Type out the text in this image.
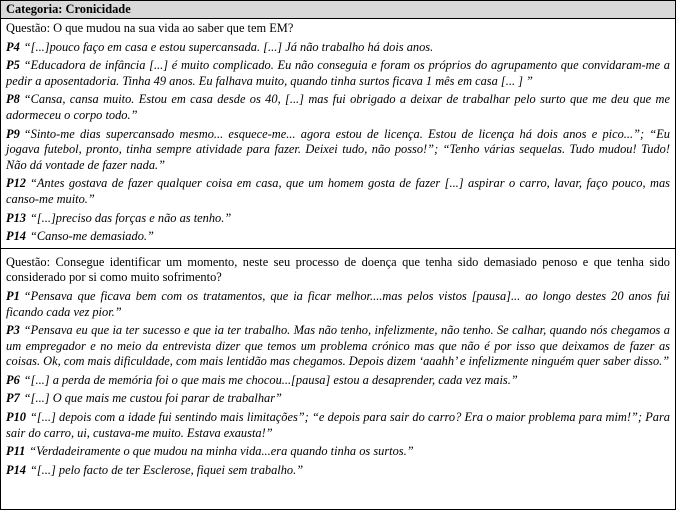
Categoria: Cronicidade
Questão: O que mudou na sua vida ao saber que tem EM?
P4 “[...]pouco faço em casa e estou supercansada. [...] Já não trabalho há dois anos.
P5 “Educadora de infância [...] é muito complicado. Eu não conseguia e foram os próprios do agrupamento que convidaram-me a pedir a aposentadoria. Tinha 49 anos. Eu falhava muito, quando tinha surtos ficava 1 mês em casa [... ] ”
P8 “Cansa, cansa muito. Estou em casa desde os 40, [...] mas fui obrigado a deixar de trabalhar pelo surto que me deu que me adormeceu o corpo todo.”
P9 “Sinto-me dias supercansado mesmo... esquece-me... agora estou de licença. Estou de licença há dois anos e pico...”; “Eu jogava futebol, pronto, tinha sempre atividade para fazer. Deixei tudo, não posso!”; “Tenho várias sequelas. Tudo mudou! Tudo! Não dá vontade de fazer nada.”
P12 “Antes gostava de fazer qualquer coisa em casa, que um homem gosta de fazer [...] aspirar o carro, lavar, faço pouco, mas canso-me muito.”
P13 “[...]preciso das forças e não as tenho.”
P14 “Canso-me demasiado.”
Questão: Consegue identificar um momento, neste seu processo de doença que tenha sido demasiado penoso e que tenha sido considerado por si como muito sofrimento?
P1 “Pensava que ficava bem com os tratamentos, que ia ficar melhor....mas pelos vistos [pausa]... ao longo destes 20 anos fui ficando cada vez pior.”
P3 “Pensava eu que ia ter sucesso e que ia ter trabalho. Mas não tenho, infelizmente, não tenho. Se calhar, quando nós chegamos a um empregador e no meio da entrevista dizer que temos um problema crónico mas que não é por isso que deixamos de fazer as coisas. Ok, com mais dificuldade, com mais lentidão mas chegamos. Depois dizem ‘aaahh’ e infelizmente ninguém quer saber disso.”
P6 “[...] a perda de memória foi o que mais me chocou...[pausa] estou a desaprender, cada vez mais.”
P7 “[...] O que mais me custou foi parar de trabalhar”
P10 “[...] depois com a idade fui sentindo mais limitações”; “e depois para sair do carro? Era o maior problema para mim!”; Para sair do carro, ui, custava-me muito. Estava exausta!”
P11 “Verdadeiramente o que mudou na minha vida...era quando tinha os surtos.”
P14 “[...] pelo facto de ter Esclerose, fiquei sem trabalho.”
